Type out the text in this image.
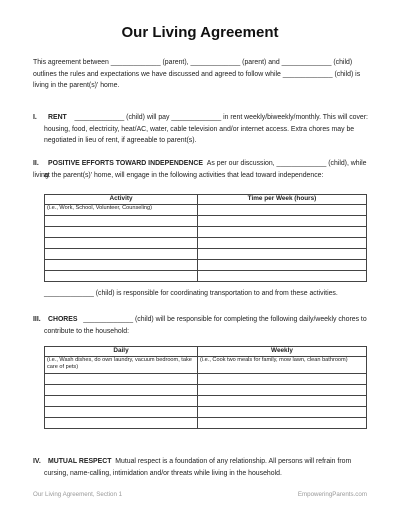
Our Living Agreement
This agreement between _____________ (parent), _____________ (parent) and _____________ (child) outlines the rules and expectations we have discussed and agreed to follow while _____________ (child) is living in the parent(s)' home.
I. RENT _____________ (child) will pay _____________ in rent weekly/biweekly/monthly. This will cover:
housing, food, electricity, heat/AC, water, cable television and/or internet access. Extra chores may be negotiated in lieu of rent, if agreeable to parent(s).
II. POSITIVE EFFORTS TOWARD INDEPENDENCE As per our discussion, _____________ (child), while living
at the parent(s)' home, will engage in the following activities that lead toward independence:
Activity	Time per Week (hours)
(i.e., Work, School, Volunteer, Counseling)	

_____________ (child) is responsible for coordinating transportation to and from these activities.
III. CHORES _____________ (child) will be responsible for completing the following daily/weekly chores to
contribute to the household:
Daily	Weekly
(i.e., Wash dishes, do own laundry, vacuum bedroom, take care of pets)	(i.e., Cook two meals for family, mow lawn, clean bathroom)

IV. MUTUAL RESPECT Mutual respect is a foundation of any relationship. All persons will refrain from
cursing, name-calling, intimidation and/or threats while living in the household.
Our Living Agreement, Section 1	EmpoweringParents.com
